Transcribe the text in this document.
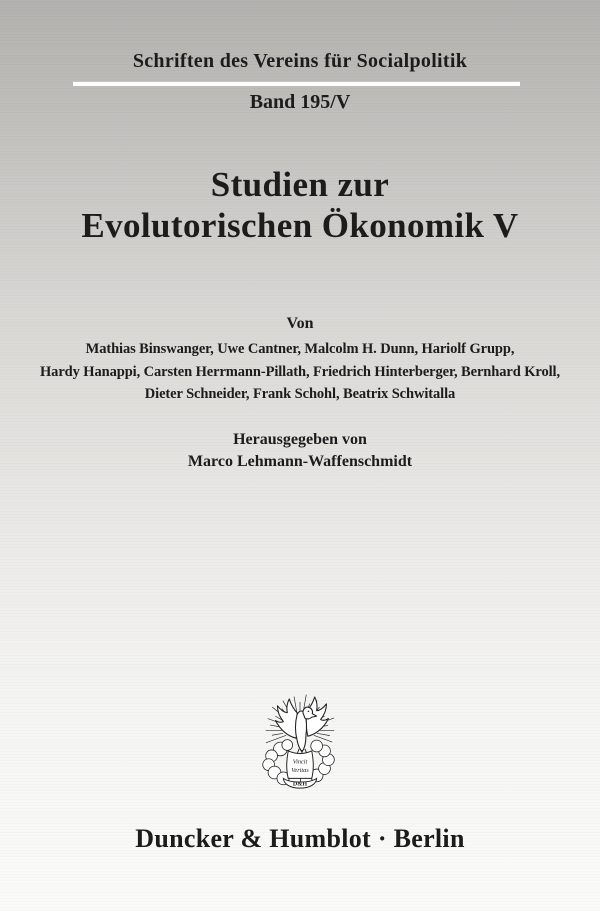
Schriften des Vereins für Socialpolitik
Band 195/V
Studien zur
Evolutorischen Ökonomik V
Von
Mathias Binswanger, Uwe Cantner, Malcolm H. Dunn, Hariolf Grupp,
Hardy Hanappi, Carsten Herrmann-Pillath, Friedrich Hinterberger, Bernhard Kroll,
Dieter Schneider, Frank Schohl, Beatrix Schwitalla
Herausgegeben von
Marco Lehmann-Waffenschmidt
Vincit
Veritas
D&H
Duncker & Humblot · Berlin
